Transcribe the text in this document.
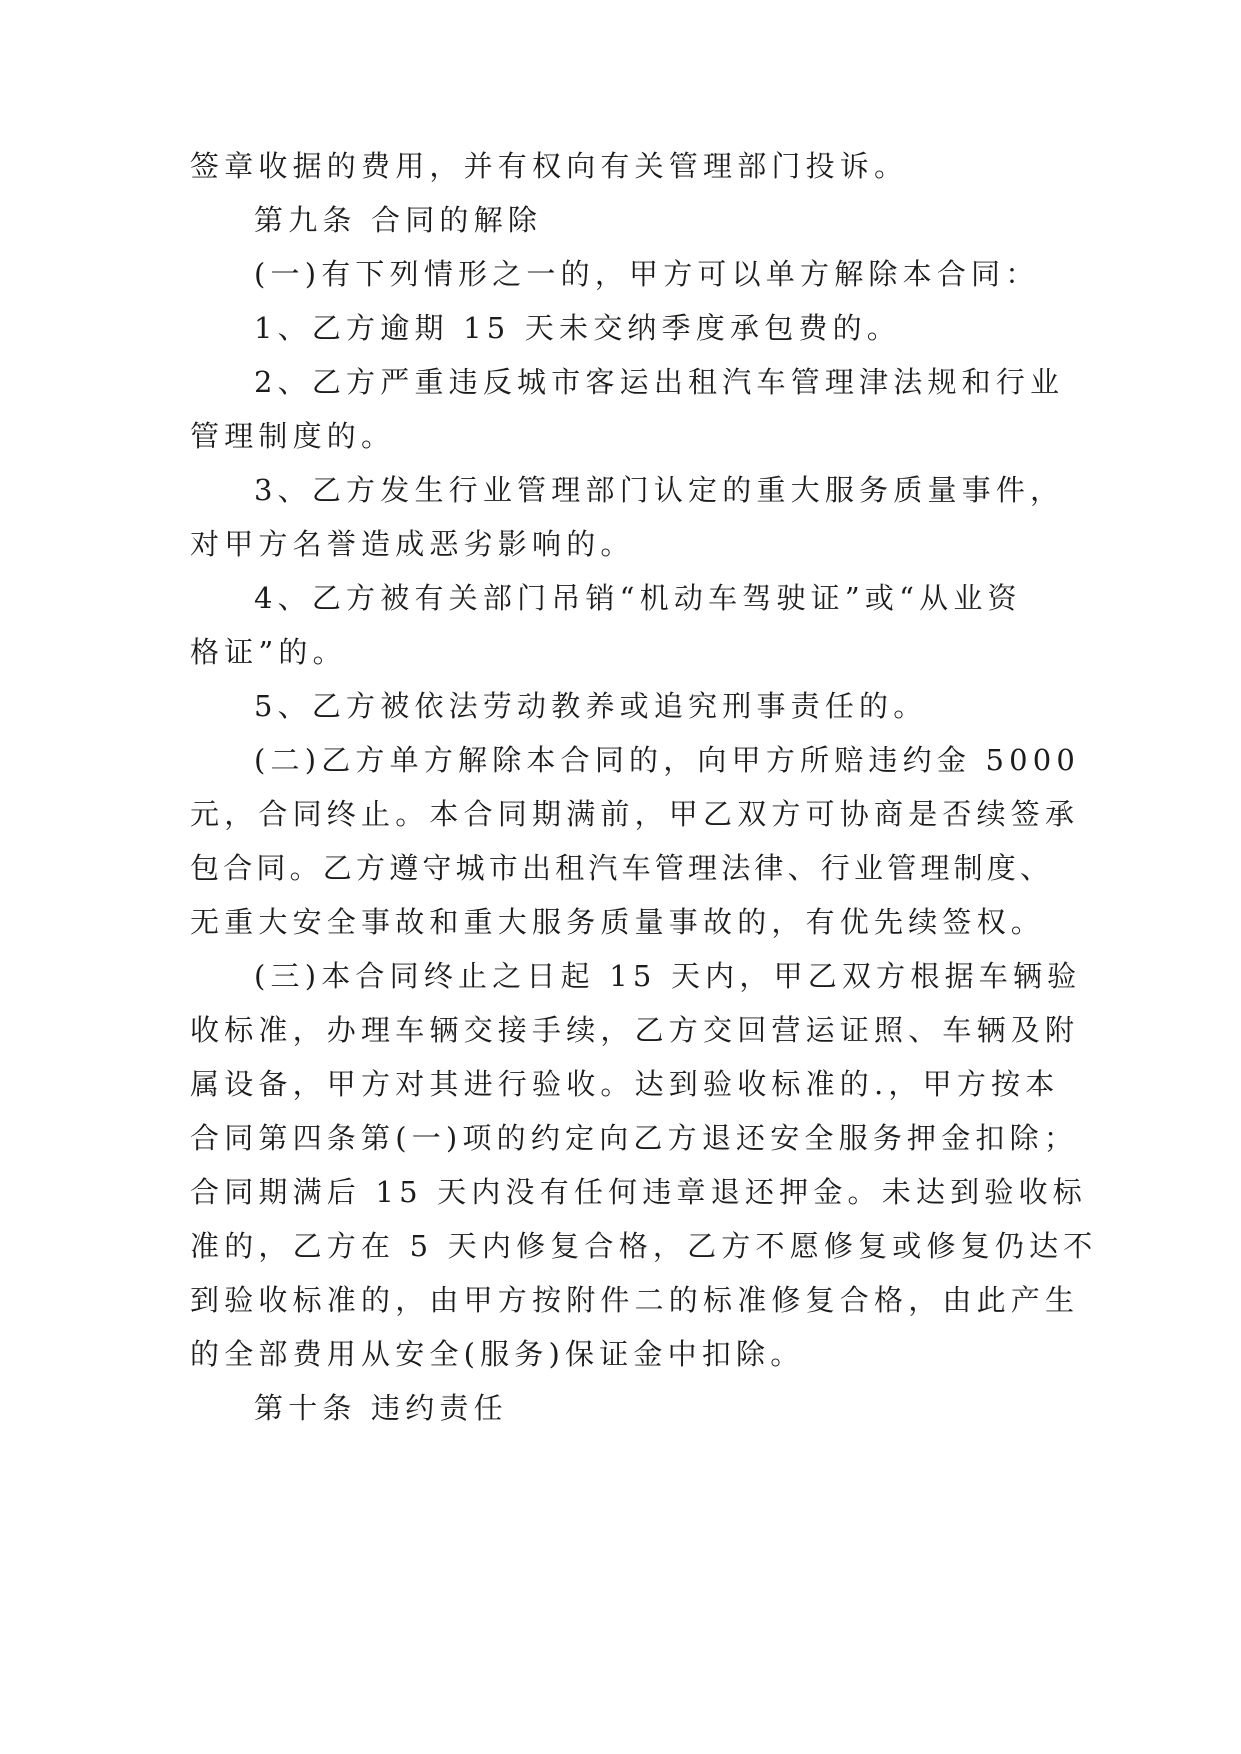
签章收据的费用，并有权向有关管理部门投诉。

第九条 合同的解除

(一)有下列情形之一的，甲方可以单方解除本合同：

1、乙方逾期 15 天未交纳季度承包费的。

2、乙方严重违反城市客运出租汽车管理津法规和行业

管理制度的。

3、乙方发生行业管理部门认定的重大服务质量事件，

对甲方名誉造成恶劣影响的。

4、乙方被有关部门吊销“机动车驾驶证”或“从业资

格证”的。

5、乙方被依法劳动教养或追究刑事责任的。

(二)乙方单方解除本合同的，向甲方所赔违约金 5000

元，合同终止。本合同期满前，甲乙双方可协商是否续签承

包合同。乙方遵守城市出租汽车管理法律、行业管理制度、

无重大安全事故和重大服务质量事故的，有优先续签权。

(三)本合同终止之日起 15 天内，甲乙双方根据车辆验

收标准，办理车辆交接手续，乙方交回营运证照、车辆及附

属设备，甲方对其进行验收。达到验收标准的.，甲方按本

合同第四条第(一)项的约定向乙方退还安全服务押金扣除；

合同期满后 15 天内没有任何违章退还押金。未达到验收标

准的，乙方在 5 天内修复合格，乙方不愿修复或修复仍达不

到验收标准的，由甲方按附件二的标准修复合格，由此产生

的全部费用从安全(服务)保证金中扣除。

第十条 违约责任
